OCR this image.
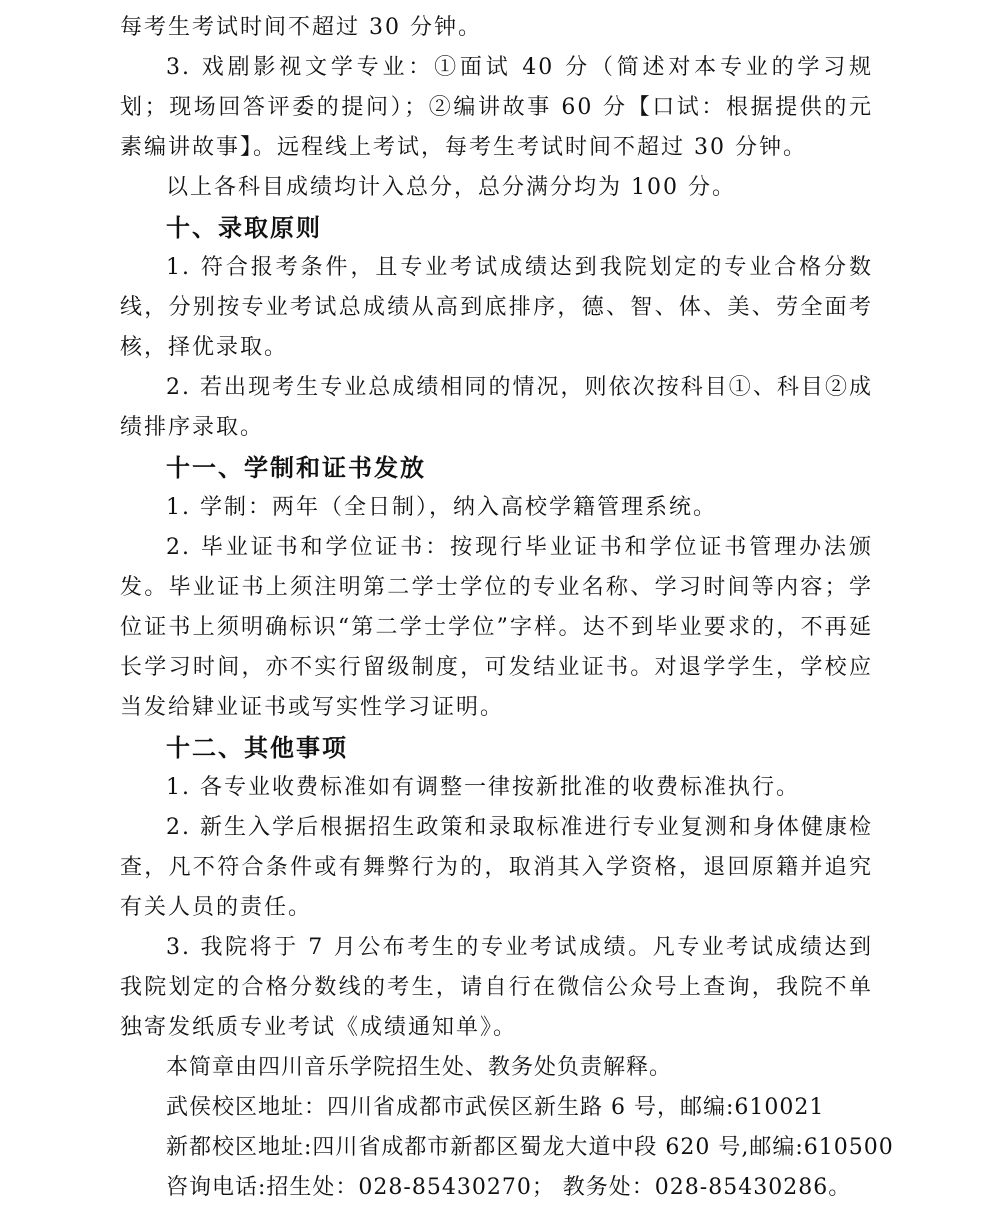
每考生考试时间不超过 30 分钟。

3. 戏剧影视文学专业：①面试 40 分（简述对本专业的学习规划；现场回答评委的提问）；②编讲故事 60 分【口试：根据提供的元素编讲故事】。远程线上考试，每考生考试时间不超过 30 分钟。

以上各科目成绩均计入总分，总分满分均为 100 分。

十、录取原则

1. 符合报考条件，且专业考试成绩达到我院划定的专业合格分数线，分别按专业考试总成绩从高到底排序，德、智、体、美、劳全面考核，择优录取。

2. 若出现考生专业总成绩相同的情况，则依次按科目①、科目②成绩排序录取。

十一、学制和证书发放

1. 学制：两年（全日制），纳入高校学籍管理系统。

2. 毕业证书和学位证书：按现行毕业证书和学位证书管理办法颁发。毕业证书上须注明第二学士学位的专业名称、学习时间等内容；学位证书上须明确标识“第二学士学位”字样。达不到毕业要求的，不再延长学习时间，亦不实行留级制度，可发结业证书。对退学学生，学校应当发给肄业证书或写实性学习证明。

十二、其他事项

1. 各专业收费标准如有调整一律按新批准的收费标准执行。

2. 新生入学后根据招生政策和录取标准进行专业复测和身体健康检查，凡不符合条件或有舞弊行为的，取消其入学资格，退回原籍并追究有关人员的责任。

3. 我院将于 7 月公布考生的专业考试成绩。凡专业考试成绩达到我院划定的合格分数线的考生，请自行在微信公众号上查询，我院不单独寄发纸质专业考试《成绩通知单》。

本简章由四川音乐学院招生处、教务处负责解释。

武侯校区地址：四川省成都市武侯区新生路 6 号，邮编:610021

新都校区地址:四川省成都市新都区蜀龙大道中段 620 号,邮编:610500

咨询电话:招生处：028-85430270； 教务处：028-85430286。
